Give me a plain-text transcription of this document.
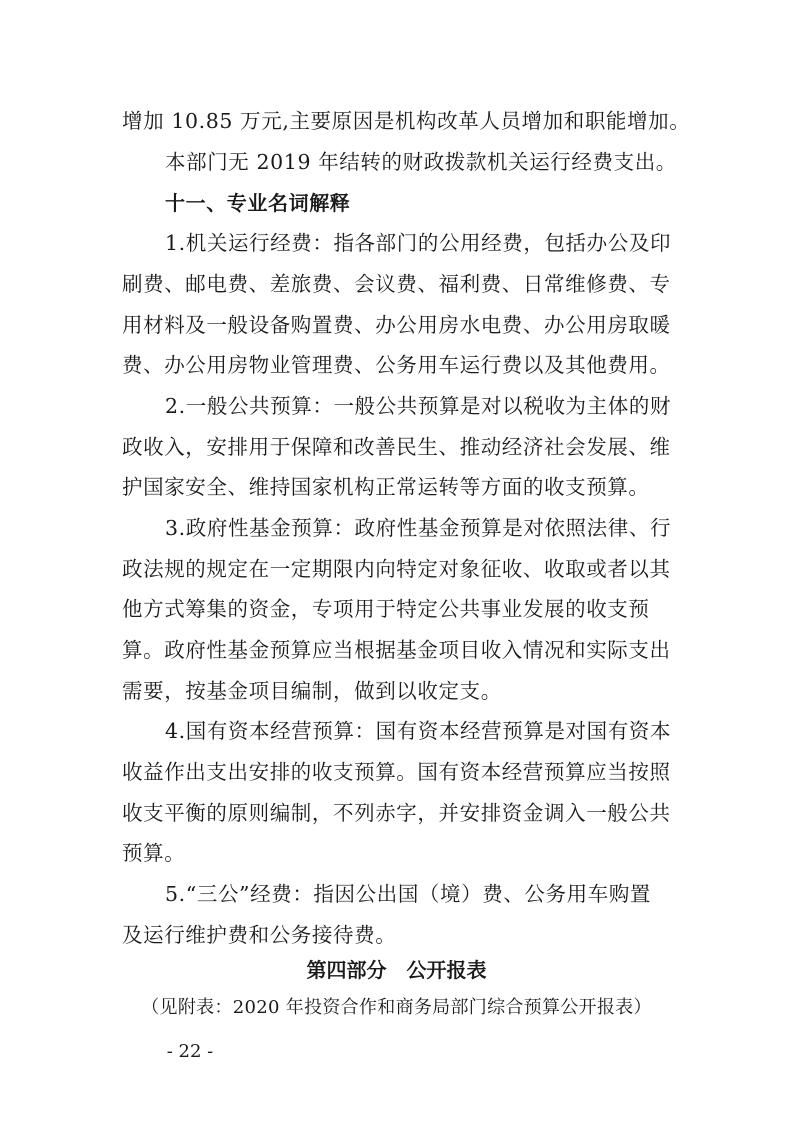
增加 10.85 万元,主要原因是机构改革人员增加和职能增加。
本部门无 2019 年结转的财政拨款机关运行经费支出。
十一、专业名词解释
1.机关运行经费：指各部门的公用经费，包括办公及印
刷费、邮电费、差旅费、会议费、福利费、日常维修费、专
用材料及一般设备购置费、办公用房水电费、办公用房取暖
费、办公用房物业管理费、公务用车运行费以及其他费用。
2.一般公共预算：一般公共预算是对以税收为主体的财
政收入，安排用于保障和改善民生、推动经济社会发展、维
护国家安全、维持国家机构正常运转等方面的收支预算。
3.政府性基金预算：政府性基金预算是对依照法律、行
政法规的规定在一定期限内向特定对象征收、收取或者以其
他方式筹集的资金，专项用于特定公共事业发展的收支预
算。政府性基金预算应当根据基金项目收入情况和实际支出
需要，按基金项目编制，做到以收定支。
4.国有资本经营预算：国有资本经营预算是对国有资本
收益作出支出安排的收支预算。国有资本经营预算应当按照
收支平衡的原则编制，不列赤字，并安排资金调入一般公共
预算。
5.“三公”经费：指因公出国（境）费、公务用车购置
及运行维护费和公务接待费。
第四部分　公开报表
（见附表：2020 年投资合作和商务局部门综合预算公开报表）
- 22 -
